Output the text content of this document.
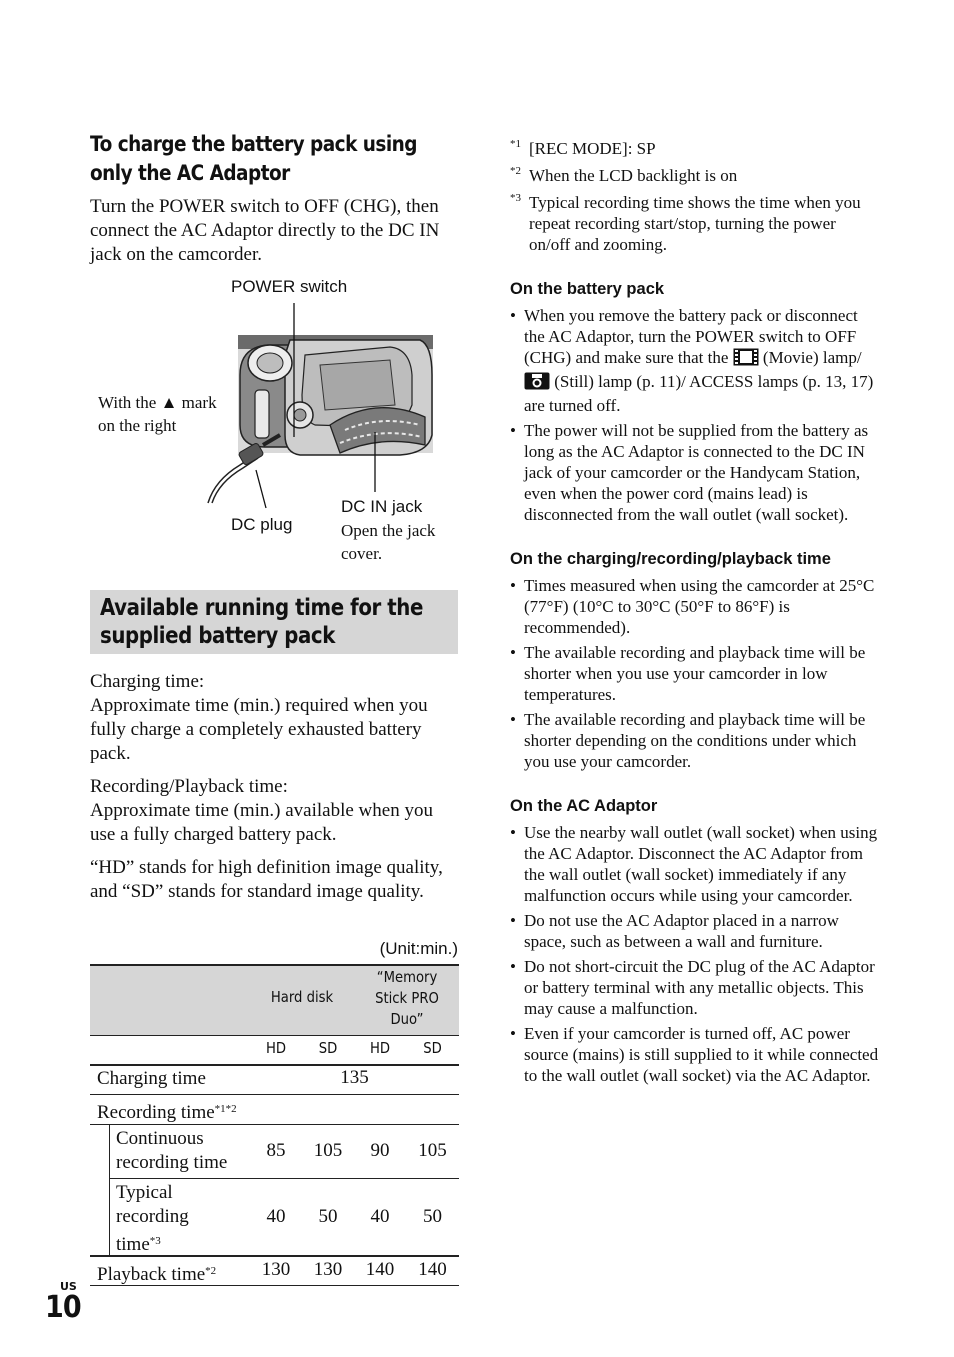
To charge the battery pack using only the AC Adaptor

Turn the POWER switch to OFF (CHG), then connect the AC Adaptor directly to the DC IN jack on the camcorder.

POWER switch
With the ▲ mark
on the right
DC plug
DC IN jack
Open the jack
cover.
Available running time for the
supplied battery pack

Charging time:
Approximate time (min.) required when you fully charge a completely exhausted battery pack.

Recording/Playback time:
Approximate time (min.) available when you use a fully charged battery pack.

“HD” stands for high definition image quality, and “SD” stands for standard image quality.

(Unit:min.)
Hard disk
“Memory
Stick PRO
Duo”
HD	SD	HD	SD
Charging time	135
Recording time$^{*1*2}$
Continuous
recording time
85	105	90	105
Typical
recording
time$^{*3}$
40	50	40	50
Playback time$^{*2}$	130	130	140	140
US
10
*1 [REC MODE]: SP
*2 When the LCD backlight is on
*3 Typical recording time shows the time when you repeat recording start/stop, turning the power on/off and zooming.
On the battery pack
• When you remove the battery pack or disconnect the AC Adaptor, turn the POWER switch to OFF (CHG) and make sure that the (Movie) lamp/  (Still) lamp (p. 11)/ ACCESS lamps (p. 13, 17) are turned off.
• The power will not be supplied from the battery as long as the AC Adaptor is connected to the DC IN jack of your camcorder or the Handycam Station, even when the power cord (mains lead) is disconnected from the wall outlet (wall socket).
On the charging/recording/playback time
• Times measured when using the camcorder at 25°C (77°F) (10°C to 30°C (50°F to 86°F) is recommended).
• The available recording and playback time will be shorter when you use your camcorder in low temperatures.
• The available recording and playback time will be shorter depending on the conditions under which you use your camcorder.
On the AC Adaptor
• Use the nearby wall outlet (wall socket) when using the AC Adaptor. Disconnect the AC Adaptor from the wall outlet (wall socket) immediately if any malfunction occurs while using your camcorder.
• Do not use the AC Adaptor placed in a narrow space, such as between a wall and furniture.
• Do not short-circuit the DC plug of the AC Adaptor or battery terminal with any metallic objects. This may cause a malfunction.
• Even if your camcorder is turned off, AC power source (mains) is still supplied to it while connected to the wall outlet (wall socket) via the AC Adaptor.
